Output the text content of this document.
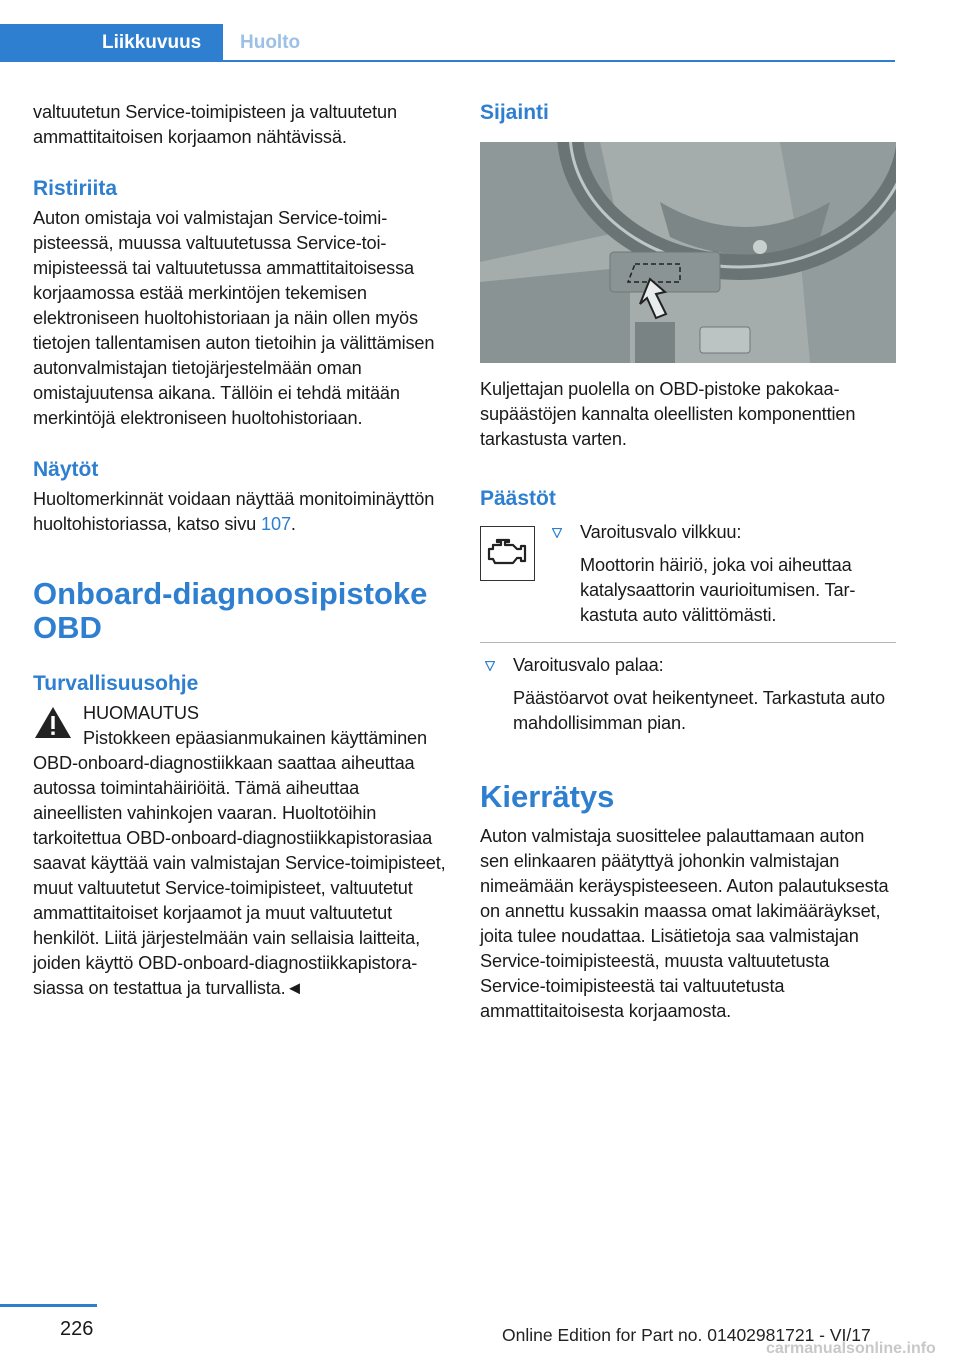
Liikkuvuus	Huolto

valtuutetun Service-toimipisteen ja valtuutetun ammattitaitoisen korjaamon nähtävissä.

Ristiriita

Auton omistaja voi valmistajan Service-toimipisteessä, muussa valtuutetussa Service-toimipisteessä tai valtuutetussa ammattitaitoisessa korjaamossa estää merkintöjen tekemisen elektroniseen huoltohistoriaan ja näin ollen myös tietojen tallentamisen auton tietoihin ja välittämisen autonvalmistajan tietojärjestelmään oman omistajuutensa aikana. Tällöin ei tehdä mitään merkintöjä elektroniseen huoltohistoriaan.

Näytöt

Huoltomerkinnät voidaan näyttää monitoiminäyttön huoltohistoriassa, katso sivu 107.

Onboard-diagnoosipistoke OBD
Turvallisuusohje

HUOMAUTUS

Pistokkeen epäasianmukainen käyttäminen OBD-onboard-diagnostiikkaan saattaa aiheuttaa autossa toimintahäiriöitä. Tämä aiheuttaa aineellisten vahinkojen vaaran. Huoltotöihin tarkoitettua OBD-onboard-diagnostiikkapistorasiaa saavat käyttää vain valmistajan Service-toimipisteet, muut valtuutetut Service-toimipisteet, valtuutetut ammattitaitoiset korjaamot ja muut valtuutetut henkilöt. Liitä järjestelmään vain sellaisia laitteita, joiden käyttö OBD-onboard-diagnostiikkapistorasiassa on testattua ja turvallista.◄

Sijainti

Kuljettajan puolella on OBD-pistoke pakokaasupäästöjen kannalta oleellisten komponenttien tarkastusta varten.

Päästöt

Varoitusvalo vilkkuu:

Moottorin häiriö, joka voi aiheuttaa katalysaattorin vaurioitumisen. Tarkastuta auto välittömästi.

Varoitusvalo palaa:

Päästöarvot ovat heikentyneet. Tarkastuta auto mahdollisimman pian.

Kierrätys

Auton valmistaja suosittelee palauttamaan auton sen elinkaaren päätyttyä johonkin valmistajan nimeämään keräyspisteeseen. Auton palautuksesta on annettu kussakin maassa omat lakimääräykset, joita tulee noudattaa. Lisätietoja saa valmistajan Service-toimipisteestä, muusta valtuutetusta Service-toimipisteestä tai valtuutetusta ammattitaitoisesta korjaamosta.

226	Online Edition for Part no. 01402981721 - VI/17
carmanualsonline.info
